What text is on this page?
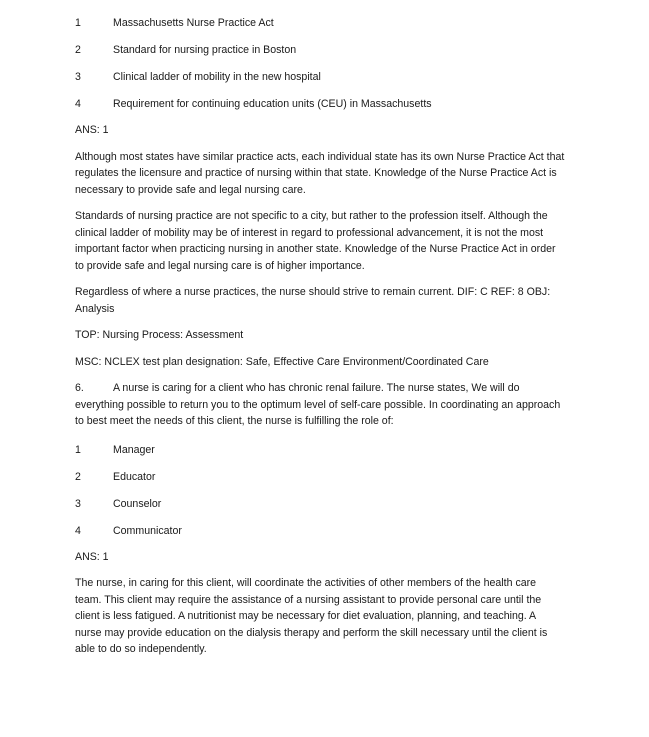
1	Massachusetts Nurse Practice Act
2	Standard for nursing practice in Boston
3	Clinical ladder of mobility in the new hospital
4	Requirement for continuing education units (CEU) in Massachusetts
ANS: 1
Although most states have similar practice acts, each individual state has its own Nurse Practice Act that
regulates the licensure and practice of nursing within that state. Knowledge of the Nurse Practice Act is
necessary to provide safe and legal nursing care.
Standards of nursing practice are not specific to a city, but rather to the profession itself. Although the
clinical ladder of mobility may be of interest in regard to professional advancement, it is not the most
important factor when practicing nursing in another state. Knowledge of the Nurse Practice Act in order
to provide safe and legal nursing care is of higher importance.
Regardless of where a nurse practices, the nurse should strive to remain current. DIF: C REF: 8 OBJ:
Analysis
TOP: Nursing Process: Assessment
MSC: NCLEX test plan designation: Safe, Effective Care Environment/Coordinated Care
6.	A nurse is caring for a client who has chronic renal failure. The nurse states, We will do
everything possible to return you to the optimum level of self-care possible. In coordinating an approach
to best meet the needs of this client, the nurse is fulfilling the role of:
1	Manager
2	Educator
3	Counselor
4	Communicator
ANS: 1
The nurse, in caring for this client, will coordinate the activities of other members of the health care
team. This client may require the assistance of a nursing assistant to provide personal care until the
client is less fatigued. A nutritionist may be necessary for diet evaluation, planning, and teaching. A
nurse may provide education on the dialysis therapy and perform the skill necessary until the client is
able to do so independently.
